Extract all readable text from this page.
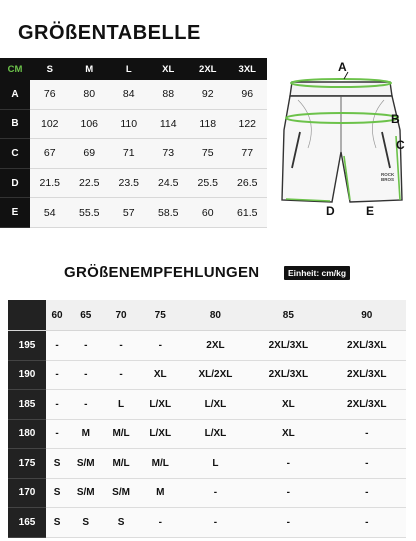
GRÖßENTABELLE
CM	S	M	L	XL	2XL	3XL
A	76	80	84	88	92	96
B	102	106	110	114	118	122
C	67	69	71	73	75	77
D	21.5	22.5	23.5	24.5	25.5	26.5
E	54	55.5	57	58.5	60	61.5
A
B
C
D	E
ROCK
BROS
GRÖßENEMPFEHLUNGEN	Einheit: cm/kg
	60	65	70	75	80	85	90
195	-	-	-	-	2XL	2XL/3XL	2XL/3XL
190	-	-	-	XL	XL/2XL	2XL/3XL	2XL/3XL
185	-	-	L	L/XL	L/XL	XL	2XL/3XL
180	-	M	M/L	L/XL	L/XL	XL	-
175	S	S/M	M/L	M/L	L	-	-
170	S	S/M	S/M	M	-	-	-
165	S	S	S	-	-	-	-
